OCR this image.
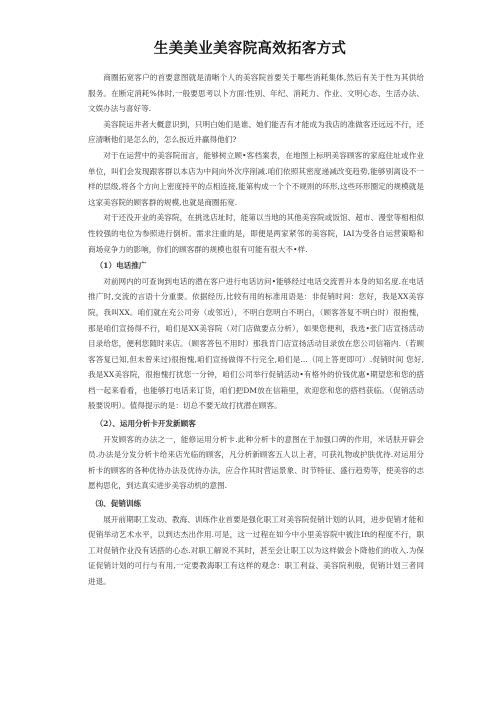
生美美业美容院高效拓客方式

商圈拓宽客户的首要意图就是清晰个人的美容院首要关于哪些消耗集体,然后有关于性为其供给服务。在断定消耗%体时,一般要思考以卜方面:性别、年纪、消耗力、作业、文明心态、生活办法、文娱办法与喜好等.

美容院运井者大概意识到，只明白她们是谁、她们能否有才能成为我店的准做客还远远不行，还应清晰他们是怎么的，怎么扳近并赢得他们?

对于在运营中的美容院而言，能够树立顾•客档案表，在地图上标明美容顾客的家庭住址或作业单位，叫们会发现跟客群以本店为中间向外次序削减.咱们依照其密度递减改变趋势,能够别离设不一样的层级,将各个方向上密度持平的点相连接,能第构成一个个不规则的环形,这些环形圈定的规模就是这家美容院的顾客群的规模,也就是商圈拓宽.

对于还没开业的美容院，在挑选店址时，能第以当地的其他美容院或饭馆、超市、漫堂等相相似性较强的电位为参照进行倒析。需求注重的是，即便是两家紧邻的美容院，IAI为受各自运营策略和商场竞争力的影响，你们的顾客群的规模也很有可能有很大不•样.

（1）电话推广

对前网内的可查询到电话的潜在客户进行电话访问•能够经过电话交流晋升本身的知名度.在电话推广时,交流的言语十分重要。依据经历,比较有用的标准用语是：非促销时间：您好，我是XX美容院，我叫XX。咱们就在充公司旁（或邻近），不明白您明白不明白，（顾客答复不明白时）很抱愧，那是咱们宣扬得不行，咱们是XX美容院（对门店做要点分析），如果您便利，我选•张门店宣扬活动目录给您，便利您随时来店。（顾客答包不用时）那我肯门店宣扬活动目录放在您公司信箱内.（若顾客答复已知,但未曾来过)很抱愧,咱们宣扬做得不行完全,咱们是...（同上答更即可）.促销时间 您好,我是XX美容院，很抱愧打扰您一分钟，咱们公司举行促销活动•有格外的价钱优惠•期望您和您的搭档一起来看看，也能够打电话来订货，咱们把DM放在信箱里，欢迎您和您的搭档获临。（促销活动般要说明）。值得提示的是：切总不要无故打扰潜在顾客。

（2）、运用分析卡开发新顾客

开发顾客的办法之一，能修运用分析卡.此种分析卡的意图在于加强口碑的作用，米话肤开辟会员.办法是分发分析卡给来店光临的顾客，凡分析新顾客五人以上者，可获礼物或护肤优待.对运用分析卡的顾客的各种优待办法及优待办法，应合作其时营运景象、时节特征、盛行趋势等，使美容的志愿构思化，到达真实进步美容动机的意图.

⑶、促销训练

展开前期职工发动、教海、训练作业首要是强化职工对美容院促销计划的认同，进步促销才能和促销举动艺术水平，以到达杰出作用.可是，这一过程在如今中小里美容院中被注Ift的程度不行，职工对促销作业没有话搭的心态.对职工解说不其时，甚至会让职工以为这样做会卜降他们的收入.为保证促销计划的可行与有用,一定要教海职工有这样的观念：职工利益、美容院利般，促销计划三者同进退。
